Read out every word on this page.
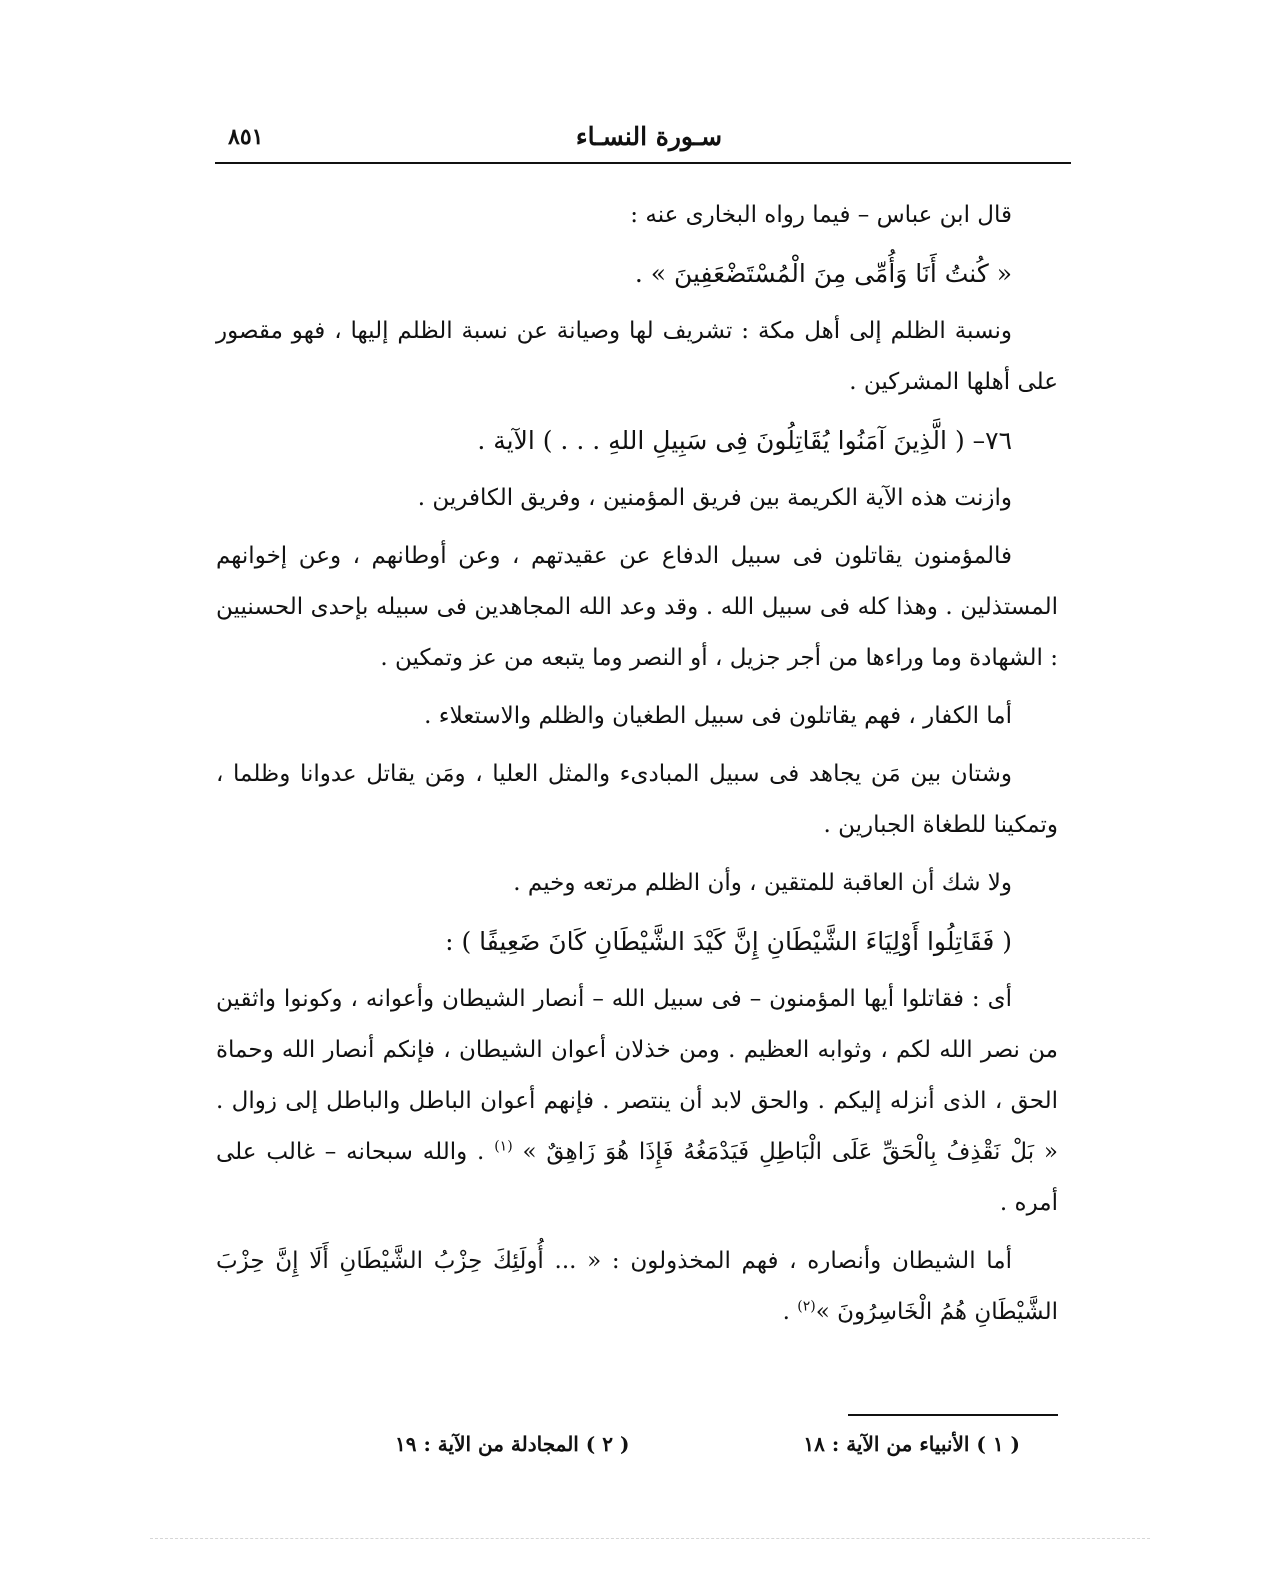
سـورة النسـاء
٨٥١

قال ابن عباس – فيما رواه البخارى عنه :

« كُنتُ أَنَا وَأُمِّى مِنَ الْمُسْتَضْعَفِينَ » .

ونسبة الظلم إلى أهل مكة : تشريف لها وصيانة عن نسبة الظلم إليها ، فهو مقصور على أهلها المشركين .

٧٦– ( الَّذِينَ آمَنُوا يُقَاتِلُونَ فِى سَبِيلِ اللهِ . . . ) الآية .

وازنت هذه الآية الكريمة بين فريق المؤمنين ، وفريق الكافرين .

فالمؤمنون يقاتلون فى سبيل الدفاع عن عقيدتهم ، وعن أوطانهم ، وعن إخوانهم المستذلين . وهذا كله فى سبيل الله . وقد وعد الله المجاهدين فى سبيله بإحدى الحسنيين : الشهادة وما وراءها من أجر جزيل ، أو النصر وما يتبعه من عز وتمكين .

أما الكفار ، فهم يقاتلون فى سبيل الطغيان والظلم والاستعلاء .

وشتان بين مَن يجاهد فى سبيل المبادىء والمثل العليا ، ومَن يقاتل عدوانا وظلما ، وتمكينا للطغاة الجبارين .

ولا شك أن العاقبة للمتقين ، وأن الظلم مرتعه وخيم .

( فَقَاتِلُوا أَوْلِيَاءَ الشَّيْطَانِ إِنَّ كَيْدَ الشَّيْطَانِ كَانَ ضَعِيفًا ) :

أى : فقاتلوا أيها المؤمنون – فى سبيل الله – أنصار الشيطان وأعوانه ، وكونوا واثقين من نصر الله لكم ، وثوابه العظيم . ومن خذلان أعوان الشيطان ، فإنكم أنصار الله وحماة الحق ، الذى أنزله إليكم . والحق لابد أن ينتصر . فإنهم أعوان الباطل والباطل إلى زوال . « بَلْ نَقْذِفُ بِالْحَقِّ عَلَى الْبَاطِلِ فَيَدْمَغُهُ فَإِذَا هُوَ زَاهِقٌ » $^{(١)}$ . والله سبحانه – غالب على أمره .

أما الشيطان وأنصاره ، فهم المخذولون : « ... أُولَئِكَ حِزْبُ الشَّيْطَانِ أَلَا إِنَّ حِزْبَ الشَّيْطَانِ هُمُ الْخَاسِرُونَ »$^{(٢)}$ .

( ١ ) الأنبياء من الآية : ١٨
( ٢ ) المجادلة من الآية : ١٩
